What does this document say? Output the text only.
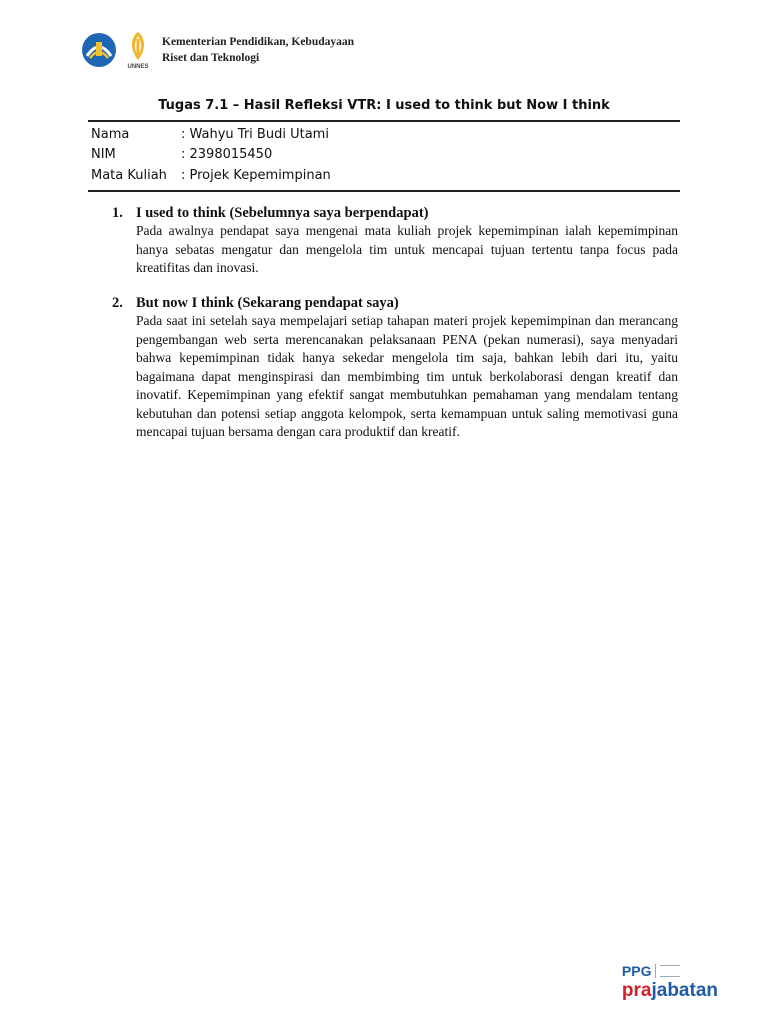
UNNES
Kementerian Pendidikan, Kebudayaan
Riset dan Teknologi
Tugas 7.1 – Hasil Refleksi VTR: I used to think but Now I think
Nama	: Wahyu Tri Budi Utami
NIM	: 2398015450
Mata Kuliah	: Projek Kepemimpinan
1. I used to think (Sebelumnya saya berpendapat)
Pada awalnya pendapat saya mengenai mata kuliah projek kepemimpinan ialah kepemimpinan hanya sebatas mengatur dan mengelola tim untuk mencapai tujuan tertentu tanpa focus pada kreatifitas dan inovasi.
2. But now I think (Sekarang pendapat saya)
Pada saat ini setelah saya mempelajari setiap tahapan materi projek kepemimpinan dan merancang pengembangan web serta merencanakan pelaksanaan PENA (pekan numerasi), saya menyadari bahwa kepemimpinan tidak hanya sekedar mengelola tim saja, bahkan lebih dari itu, yaitu bagaimana dapat menginspirasi dan membimbing tim untuk berkolaborasi dengan kreatif dan inovatif. Kepemimpinan yang efektif sangat membutuhkan pemahaman yang mendalam tentang kebutuhan dan potensi setiap anggota kelompok, serta kemampuan untuk saling memotivasi guna mencapai tujuan bersama dengan cara produktif dan kreatif.
PPG
prajabatan
